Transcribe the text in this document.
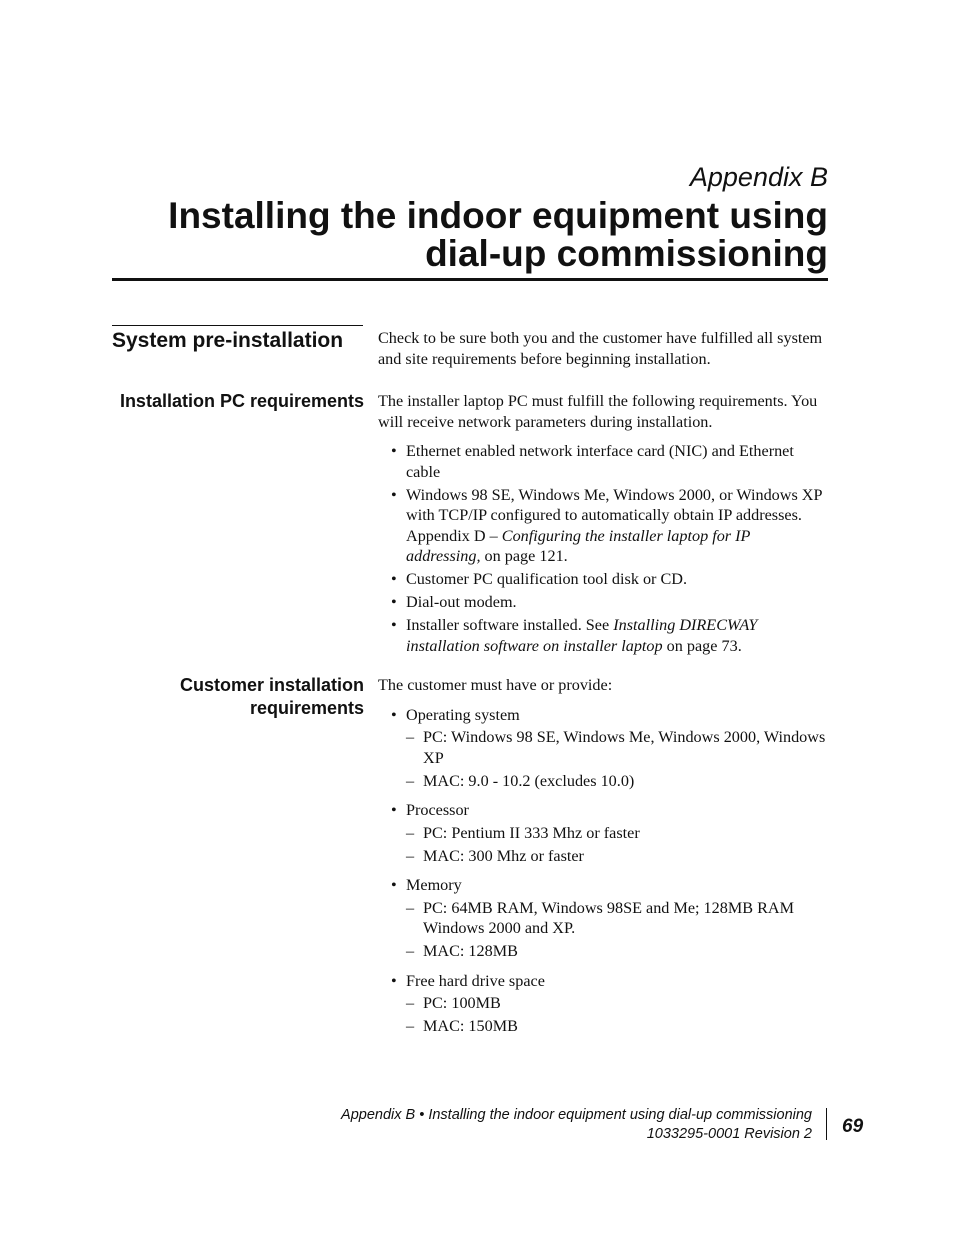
Appendix B
Installing the indoor equipment using
dial-up commissioning
System pre-installation Check to be sure both you and the customer have fulfilled all system and site requirements before beginning installation.

Installation PC requirements The installer laptop PC must fulfill the following requirements. You will receive network parameters during installation.

• Ethernet enabled network interface card (NIC) and Ethernet cable
• Windows 98 SE, Windows Me, Windows 2000, or Windows XP with TCP/IP configured to automatically obtain IP addresses. Appendix D – Configuring the installer laptop for IP addressing, on page 121.
• Customer PC qualification tool disk or CD.
• Dial-out modem.
• Installer software installed. See Installing DIRECWAY installation software on installer laptop on page 73.
Customer installation
requirements

The customer must have or provide:

• Operating system
– PC: Windows 98 SE, Windows Me, Windows 2000, Windows XP
– MAC: 9.0 - 10.2 (excludes 10.0)
• Processor
– PC: Pentium II 333 Mhz or faster
– MAC: 300 Mhz or faster
• Memory
– PC: 64MB RAM, Windows 98SE and Me; 128MB RAM Windows 2000 and XP.
– MAC: 128MB
• Free hard drive space
– PC: 100MB
– MAC: 150MB
Appendix B • Installing the indoor equipment using dial-up commissioning
1033295-0001 Revision 2 69
